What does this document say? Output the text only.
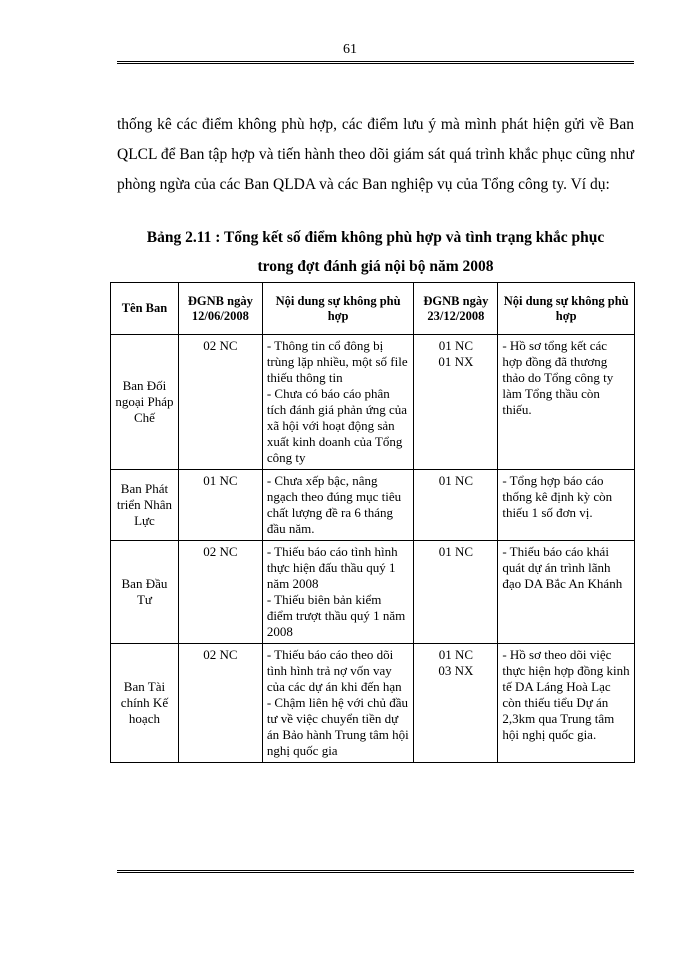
61
thống kê các điểm không phù hợp, các điểm lưu ý mà mình phát hiện gửi về Ban QLCL để Ban tập hợp và tiến hành theo dõi giám sát quá trình khắc phục cũng như phòng ngừa của các Ban QLDA và các Ban nghiệp vụ của Tổng công ty. Ví dụ:
Bảng 2.11 : Tổng kết số điểm không phù hợp và tình trạng khắc phục
trong đợt đánh giá nội bộ năm 2008
Tên Ban	ĐGNB ngày 12/06/2008	Nội dung sự không phù hợp	ĐGNB ngày 23/12/2008	Nội dung sự không phù hợp
Ban Đối ngoại Pháp Chế	02 NC	- Thông tin cổ đông bị trùng lặp nhiều, một số file thiếu thông tin
- Chưa có báo cáo phân tích đánh giá phản ứng của xã hội với hoạt động sản xuất kinh doanh của Tổng công ty	01 NC
01 NX	- Hồ sơ tổng kết các hợp đồng đã thương thảo do Tổng công ty làm Tổng thầu còn thiếu.

Ban Phát triển Nhân Lực	01 NC	- Chưa xếp bậc, nâng ngạch theo đúng mục tiêu chất lượng đề ra 6 tháng đầu năm.	01 NC	- Tổng hợp báo cáo thống kê định kỳ còn thiếu 1 số đơn vị.

Ban Đầu Tư	02 NC	- Thiếu báo cáo tình hình thực hiện đấu thầu quý 1 năm 2008
- Thiếu biên bản kiểm điểm trượt thầu quý 1 năm 2008	01 NC	- Thiếu báo cáo khái quát dự án trình lãnh đạo DA Bắc An Khánh

Ban Tài chính Kế hoạch	02 NC	- Thiếu báo cáo theo dõi tình hình trả nợ vốn vay của các dự án khi đến hạn
- Chậm liên hệ với chủ đầu tư về việc chuyển tiền dự án Bảo hành Trung tâm hội nghị quốc gia	01 NC
03 NX	- Hồ sơ theo dõi việc thực hiện hợp đồng kinh tế DA Láng Hoà Lạc còn thiếu tiểu Dự án 2,3km qua Trung tâm hội nghị quốc gia.
